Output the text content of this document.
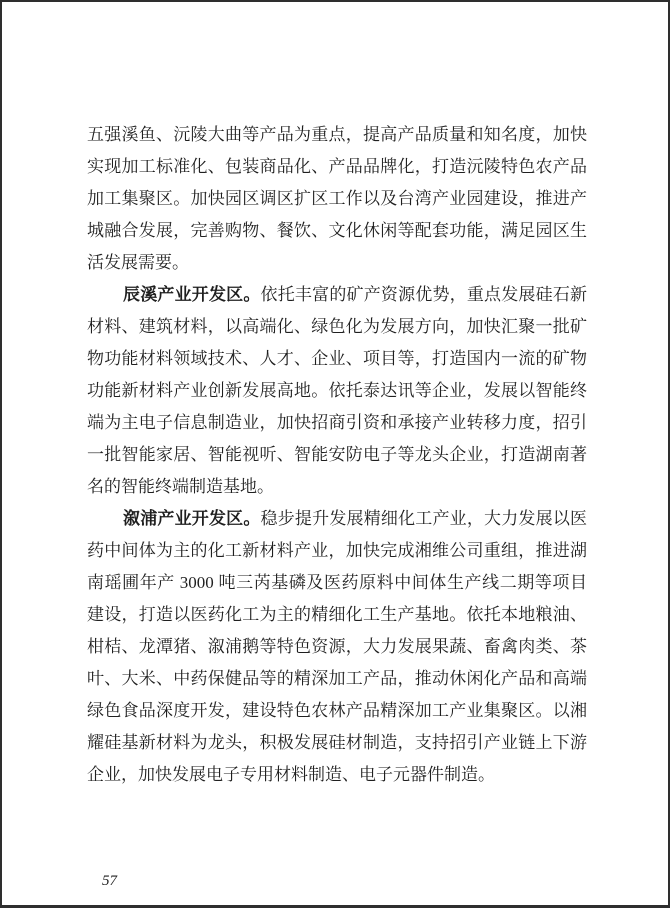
五强溪鱼、沅陵大曲等产品为重点，提高产品质量和知名度，加快实现加工标准化、包装商品化、产品品牌化，打造沅陵特色农产品加工集聚区。加快园区调区扩区工作以及台湾产业园建设，推进产城融合发展，完善购物、餐饮、文化休闲等配套功能，满足园区生活发展需要。

辰溪产业开发区。依托丰富的矿产资源优势，重点发展硅石新材料、建筑材料，以高端化、绿色化为发展方向，加快汇聚一批矿物功能材料领域技术、人才、企业、项目等，打造国内一流的矿物功能新材料产业创新发展高地。依托泰达讯等企业，发展以智能终端为主电子信息制造业，加快招商引资和承接产业转移力度，招引一批智能家居、智能视听、智能安防电子等龙头企业，打造湖南著名的智能终端制造基地。

溆浦产业开发区。稳步提升发展精细化工产业，大力发展以医药中间体为主的化工新材料产业，加快完成湘维公司重组，推进湖南瑶圃年产 3000 吨三芮基磷及医药原料中间体生产线二期等项目建设，打造以医药化工为主的精细化工生产基地。依托本地粮油、柑桔、龙潭猪、溆浦鹅等特色资源，大力发展果蔬、畜禽肉类、茶叶、大米、中药保健品等的精深加工产品，推动休闲化产品和高端绿色食品深度开发，建设特色农林产品精深加工产业集聚区。以湘耀硅基新材料为龙头，积极发展硅材制造，支持招引产业链上下游企业，加快发展电子专用材料制造、电子元器件制造。

57
